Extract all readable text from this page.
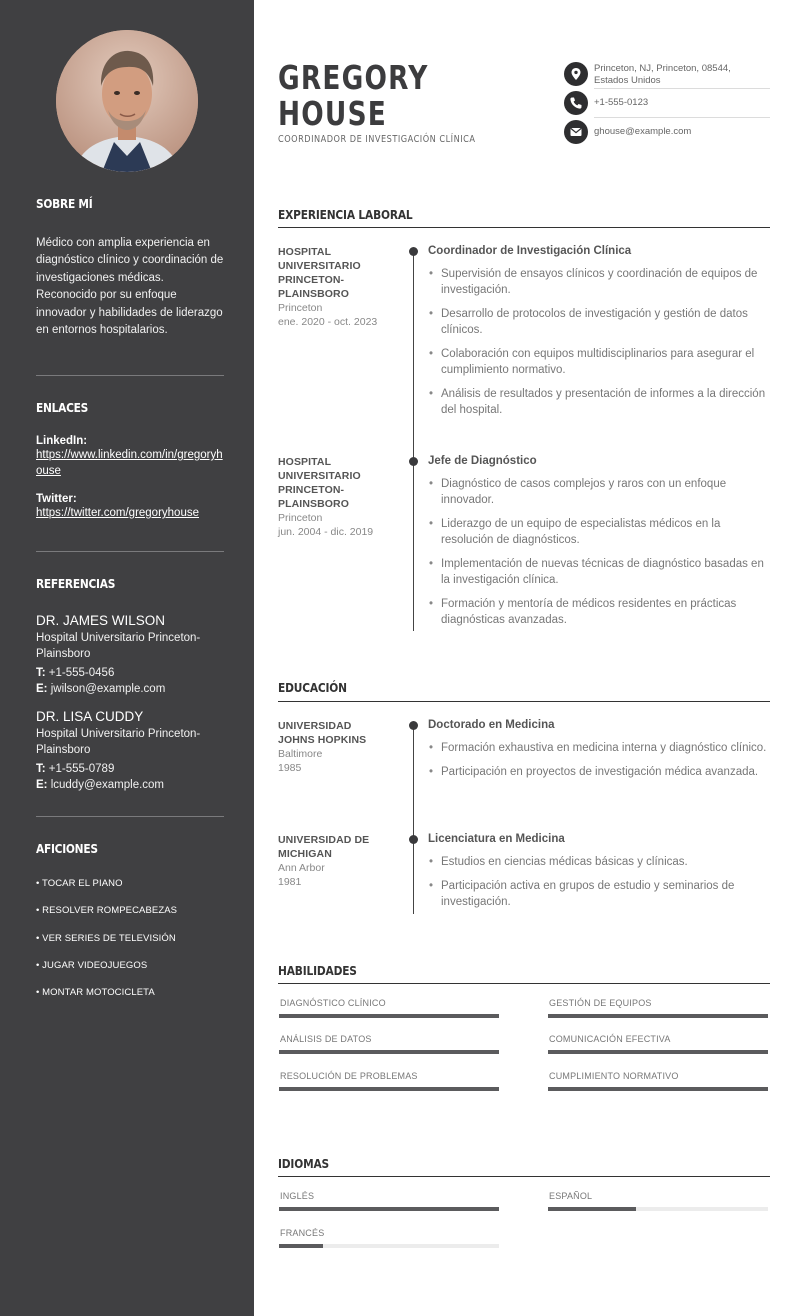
SOBRE MÍ
Médico con amplia experiencia en diagnóstico clínico y coordinación de investigaciones médicas. Reconocido por su enfoque innovador y habilidades de liderazgo en entornos hospitalarios.
ENLACES
LinkedIn:
https://www.linkedin.com/in/gregoryhouse
Twitter:
https://twitter.com/gregoryhouse
REFERENCIAS
DR. JAMES WILSON
Hospital Universitario Princeton-Plainsboro
T: +1-555-0456
E: jwilson@example.com
DR. LISA CUDDY
Hospital Universitario Princeton-Plainsboro
T: +1-555-0789
E: lcuddy@example.com
AFICIONES
• TOCAR EL PIANO
• RESOLVER ROMPECABEZAS
• VER SERIES DE TELEVISIÓN
• JUGAR VIDEOJUEGOS
• MONTAR MOTOCICLETA
GREGORY
HOUSE
COORDINADOR DE INVESTIGACIÓN CLÍNICA
Princeton, NJ, Princeton, 08544,
Estados Unidos
+1-555-0123
ghouse@example.com
EXPERIENCIA LABORAL
HOSPITAL
UNIVERSITARIO
PRINCETON-
PLAINSBORO
Princeton
ene. 2020 - oct. 2023
Coordinador de Investigación Clínica
• Supervisión de ensayos clínicos y coordinación de equipos de investigación.
• Desarrollo de protocolos de investigación y gestión de datos clínicos.
• Colaboración con equipos multidisciplinarios para asegurar el cumplimiento normativo.
• Análisis de resultados y presentación de informes a la dirección del hospital.
HOSPITAL
UNIVERSITARIO
PRINCETON-
PLAINSBORO
Princeton
jun. 2004 - dic. 2019
Jefe de Diagnóstico
• Diagnóstico de casos complejos y raros con un enfoque innovador.
• Liderazgo de un equipo de especialistas médicos en la resolución de diagnósticos.
• Implementación de nuevas técnicas de diagnóstico basadas en la investigación clínica.
• Formación y mentoría de médicos residentes en prácticas diagnósticas avanzadas.
EDUCACIÓN
UNIVERSIDAD
JOHNS HOPKINS
Baltimore
1985
Doctorado en Medicina
• Formación exhaustiva en medicina interna y diagnóstico clínico.
• Participación en proyectos de investigación médica avanzada.
UNIVERSIDAD DE
MICHIGAN
Ann Arbor
1981
Licenciatura en Medicina
• Estudios en ciencias médicas básicas y clínicas.
• Participación activa en grupos de estudio y seminarios de investigación.
HABILIDADES
DIAGNÓSTICO CLÍNICO	GESTIÓN DE EQUIPOS
ANÁLISIS DE DATOS	COMUNICACIÓN EFECTIVA
RESOLUCIÓN DE PROBLEMAS	CUMPLIMIENTO NORMATIVO
IDIOMAS
INGLÉS	ESPAÑOL
FRANCÉS
